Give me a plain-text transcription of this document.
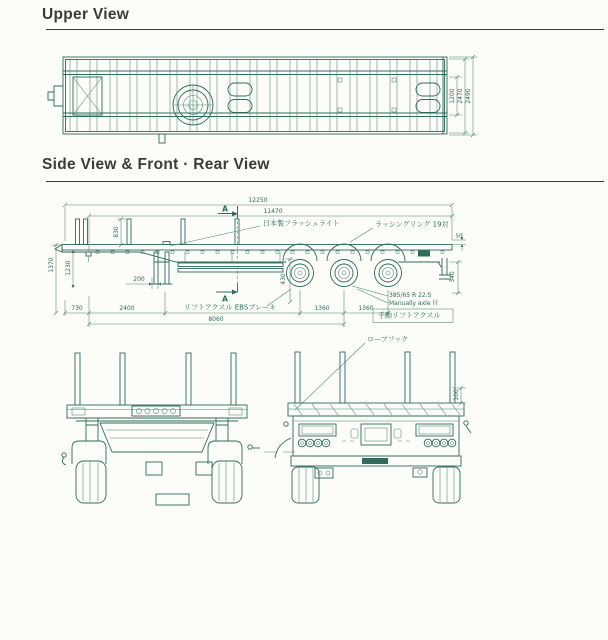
Upper View
Side View & Front · Rear View
1200 2470 2490
12250
11470
A
A
日本製フラッシュライト	ラッシングリング 19対
830
1370 1230
200	430
50
340
リフトアクスル EBSブレーキ
730	2400	1360	1360
8060
385/65 R 22.5
Manually axle 付
手動リフトアクスル
ロープフック
100
